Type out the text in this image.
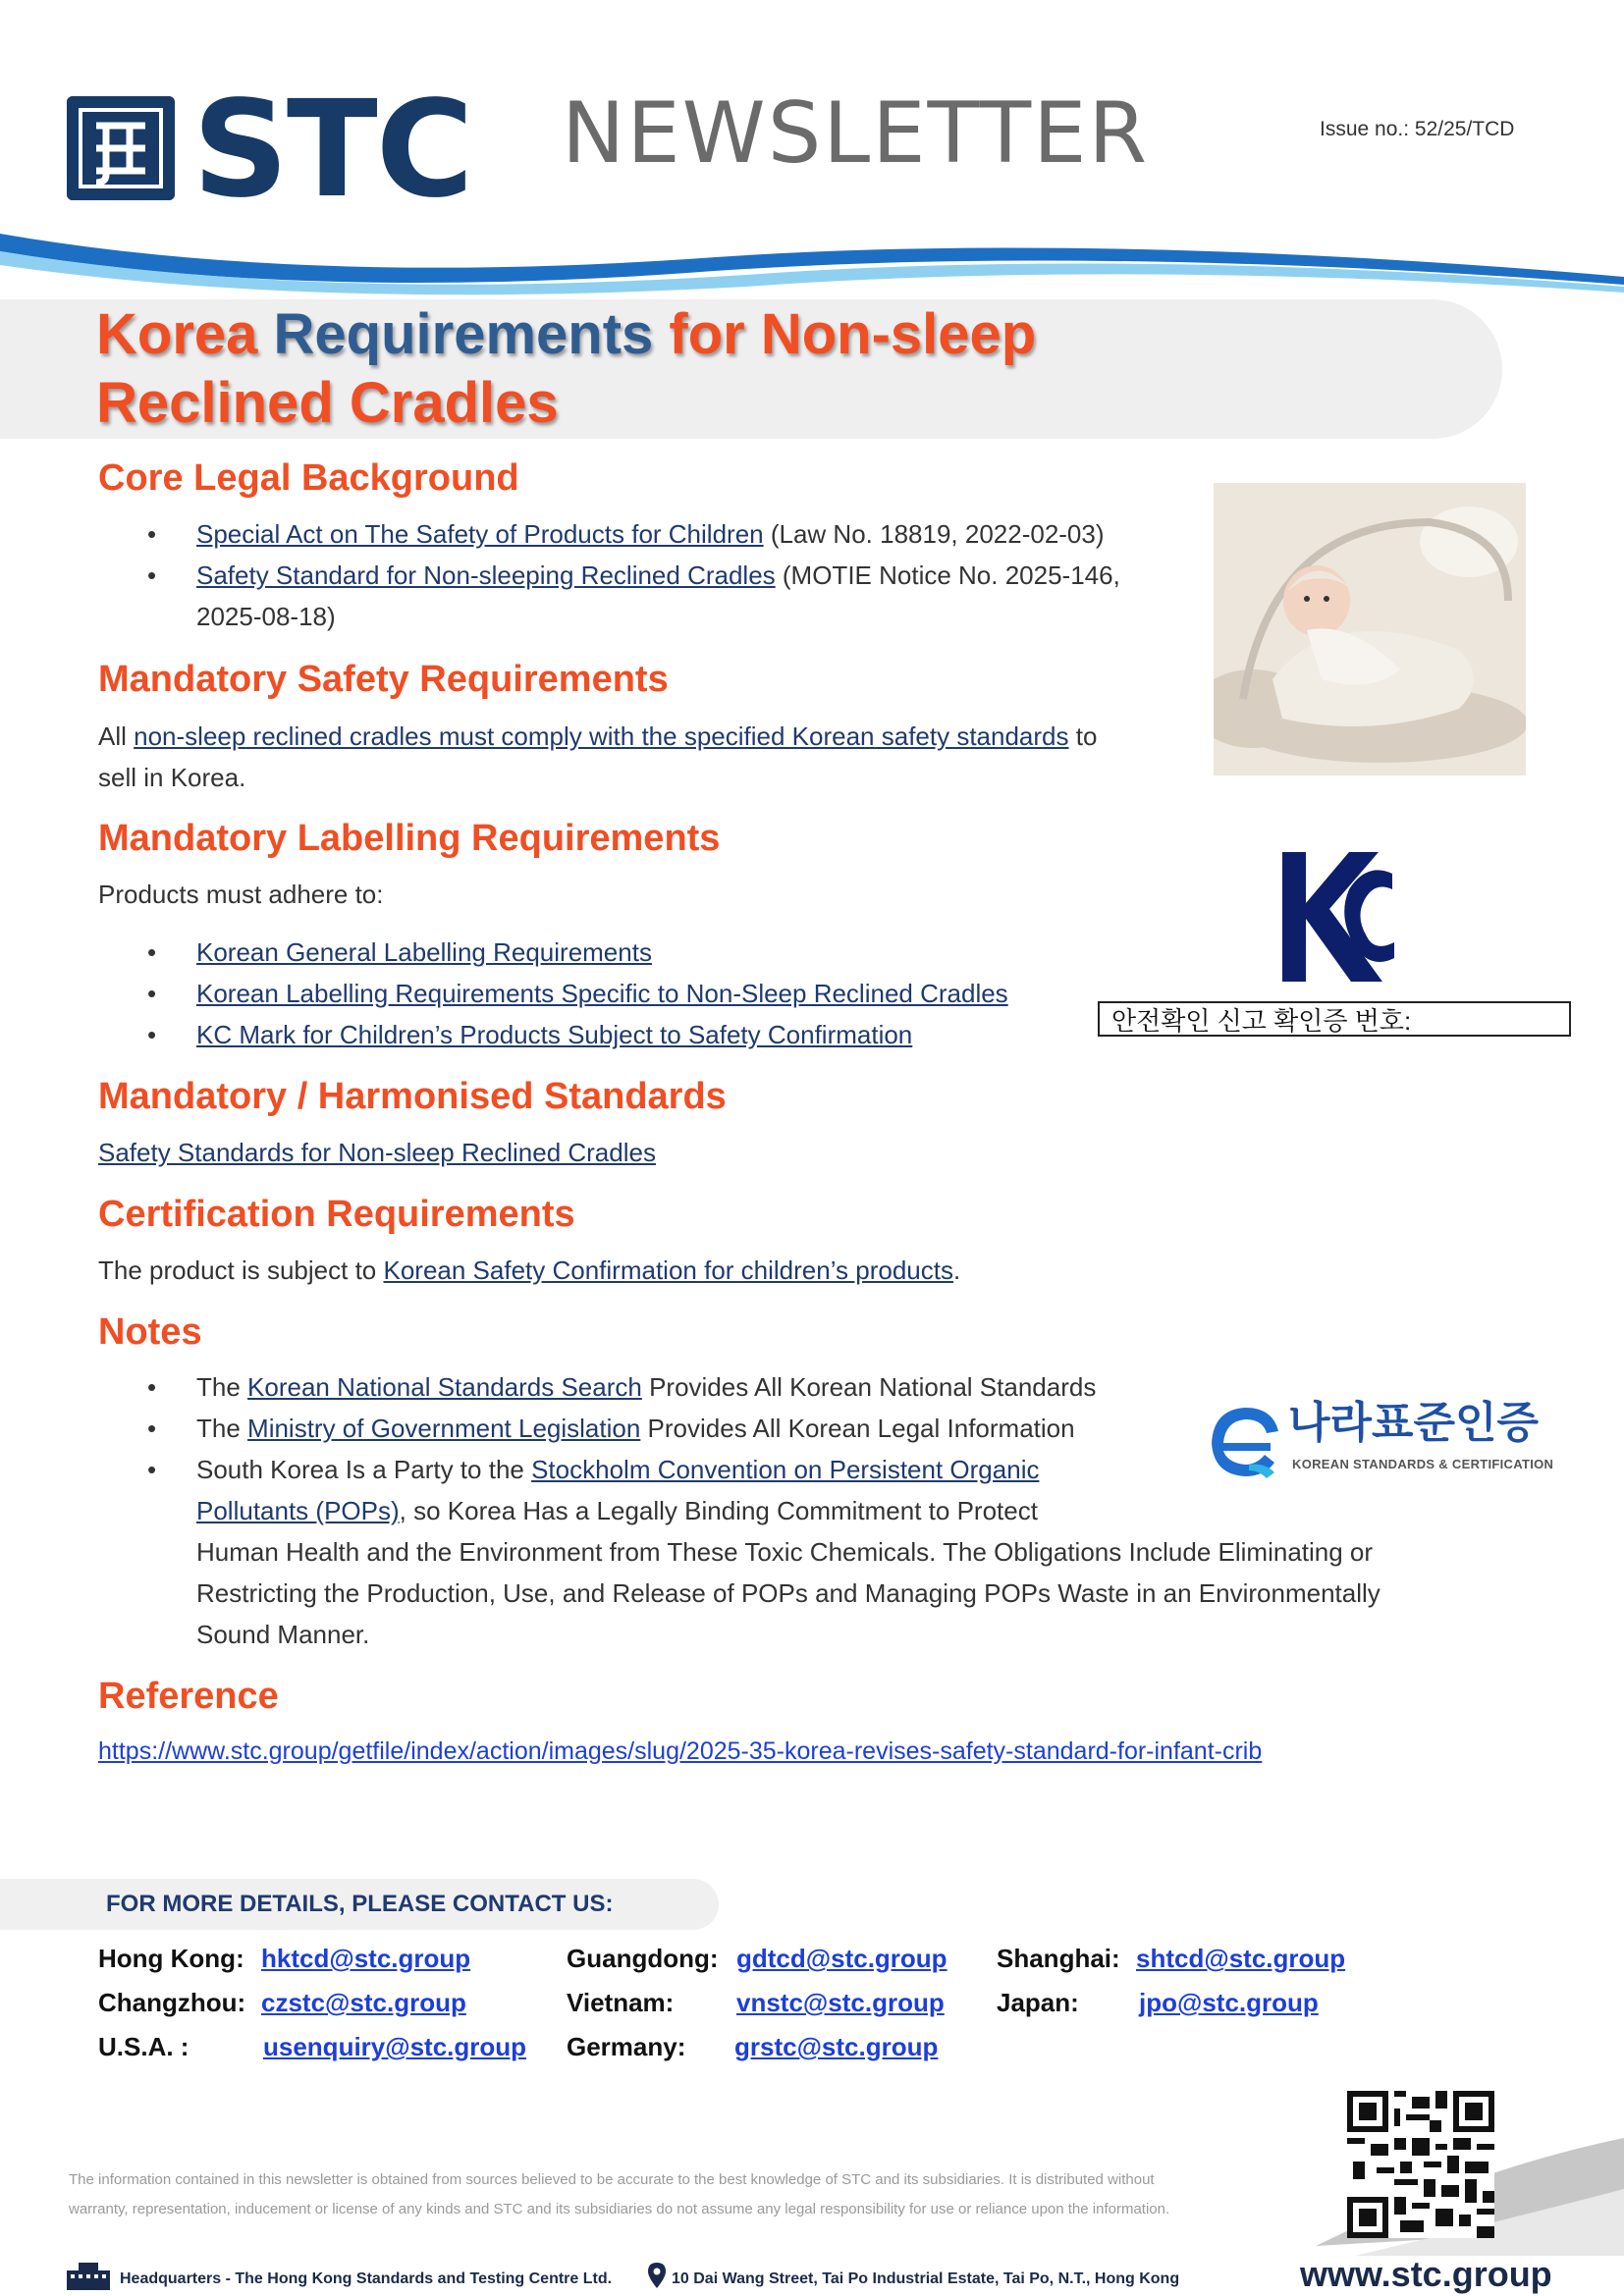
STC NEWSLETTER	Issue no.: 52/25/TCD
Korea Requirements for Non-sleep
Reclined Cradles
Core Legal Background
• Special Act on The Safety of Products for Children (Law No. 18819, 2022-02-03)
• Safety Standard for Non-sleeping Reclined Cradles (MOTIE Notice No. 2025-146,
2025-08-18)
Mandatory Safety Requirements

All non-sleep reclined cradles must comply with the specified Korean safety standards to
sell in Korea.

Mandatory Labelling Requirements

Products must adhere to:

• Korean General Labelling Requirements
• Korean Labelling Requirements Specific to Non-Sleep Reclined Cradles
• KC Mark for Children’s Products Subject to Safety Confirmation	안전확인 신고 확인증 번호:
Mandatory / Harmonised Standards

Safety Standards for Non-sleep Reclined Cradles

Certification Requirements

The product is subject to Korean Safety Confirmation for children’s products.

Notes
• The Korean National Standards Search Provides All Korean National Standards
• The Ministry of Government Legislation Provides All Korean Legal Information
• South Korea Is a Party to the Stockholm Convention on Persistent Organic
Pollutants (POPs), so Korea Has a Legally Binding Commitment to Protect
Human Health and the Environment from These Toxic Chemicals. The Obligations Include Eliminating or
Restricting the Production, Use, and Release of POPs and Managing POPs Waste in an Environmentally
Sound Manner.
나라표준인증
KOREAN STANDARDS & CERTIFICATION
Reference

https://www.stc.group/getfile/index/action/images/slug/2025-35-korea-revises-safety-standard-for-infant-crib

FOR MORE DETAILS, PLEASE CONTACT US:
Hong Kong: hktcd@stc.group	Guangdong: gdtcd@stc.group Shanghai: shtcd@stc.group
Changzhou: czstc@stc.group	Vietnam: vnstc@stc.group Japan: jpo@stc.group
U.S.A. :	usenquiry@stc.group Germany: grstc@stc.group
The information contained in this newsletter is obtained from sources believed to be accurate to the best knowledge of STC and its subsidiaries. It is distributed without
warranty, representation, inducement or license of any kinds and STC and its subsidiaries do not assume any legal responsibility for use or reliance upon the information.
Headquarters - The Hong Kong Standards and Testing Centre Ltd.	10 Dai Wang Street, Tai Po Industrial Estate, Tai Po, N.T., Hong Kong	www.stc.group
